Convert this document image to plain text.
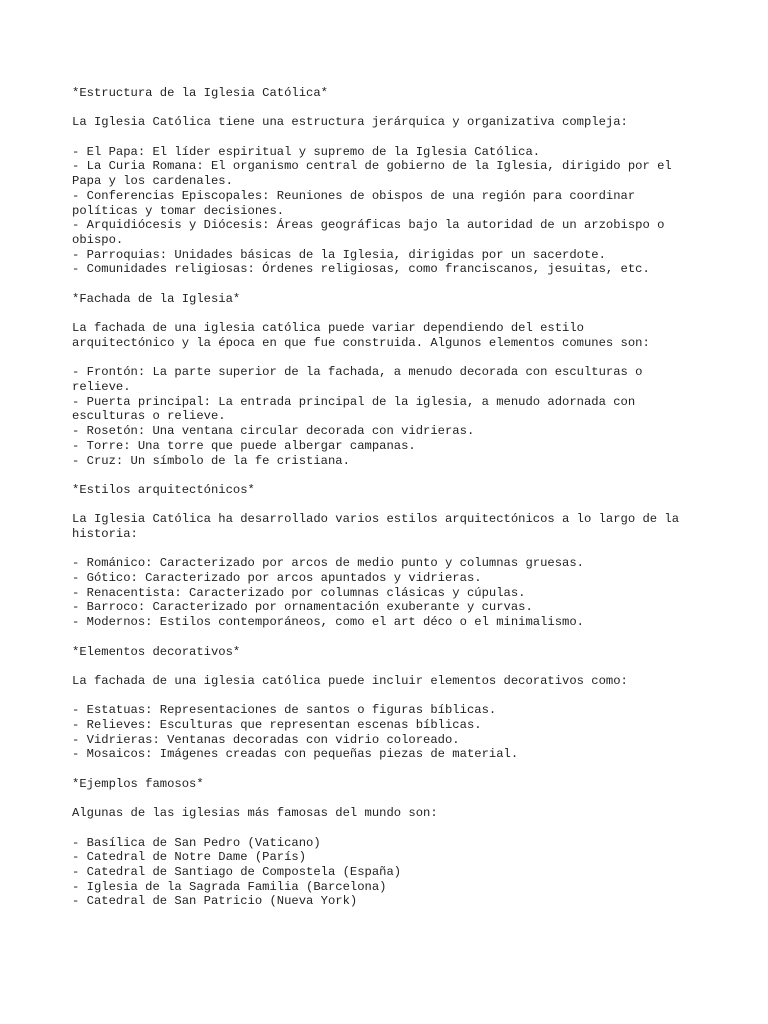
*Estructura de la Iglesia Católica*
La Iglesia Católica tiene una estructura jerárquica y organizativa compleja:
- El Papa: El líder espiritual y supremo de la Iglesia Católica.
- La Curia Romana: El organismo central de gobierno de la Iglesia, dirigido por el
Papa y los cardenales.
- Conferencias Episcopales: Reuniones de obispos de una región para coordinar
políticas y tomar decisiones.
- Arquidiócesis y Diócesis: Áreas geográficas bajo la autoridad de un arzobispo o
obispo.
- Parroquias: Unidades básicas de la Iglesia, dirigidas por un sacerdote.
- Comunidades religiosas: Órdenes religiosas, como franciscanos, jesuitas, etc.
*Fachada de la Iglesia*
La fachada de una iglesia católica puede variar dependiendo del estilo
arquitectónico y la época en que fue construida. Algunos elementos comunes son:
- Frontón: La parte superior de la fachada, a menudo decorada con esculturas o
relieve.
- Puerta principal: La entrada principal de la iglesia, a menudo adornada con
esculturas o relieve.
- Rosetón: Una ventana circular decorada con vidrieras.
- Torre: Una torre que puede albergar campanas.
- Cruz: Un símbolo de la fe cristiana.
*Estilos arquitectónicos*
La Iglesia Católica ha desarrollado varios estilos arquitectónicos a lo largo de la
historia:
- Románico: Caracterizado por arcos de medio punto y columnas gruesas.
- Gótico: Caracterizado por arcos apuntados y vidrieras.
- Renacentista: Caracterizado por columnas clásicas y cúpulas.
- Barroco: Caracterizado por ornamentación exuberante y curvas.
- Modernos: Estilos contemporáneos, como el art déco o el minimalismo.
*Elementos decorativos*
La fachada de una iglesia católica puede incluir elementos decorativos como:
- Estatuas: Representaciones de santos o figuras bíblicas.
- Relieves: Esculturas que representan escenas bíblicas.
- Vidrieras: Ventanas decoradas con vidrio coloreado.
- Mosaicos: Imágenes creadas con pequeñas piezas de material.
*Ejemplos famosos*
Algunas de las iglesias más famosas del mundo son:
- Basílica de San Pedro (Vaticano)
- Catedral de Notre Dame (París)
- Catedral de Santiago de Compostela (España)
- Iglesia de la Sagrada Familia (Barcelona)
- Catedral de San Patricio (Nueva York)
